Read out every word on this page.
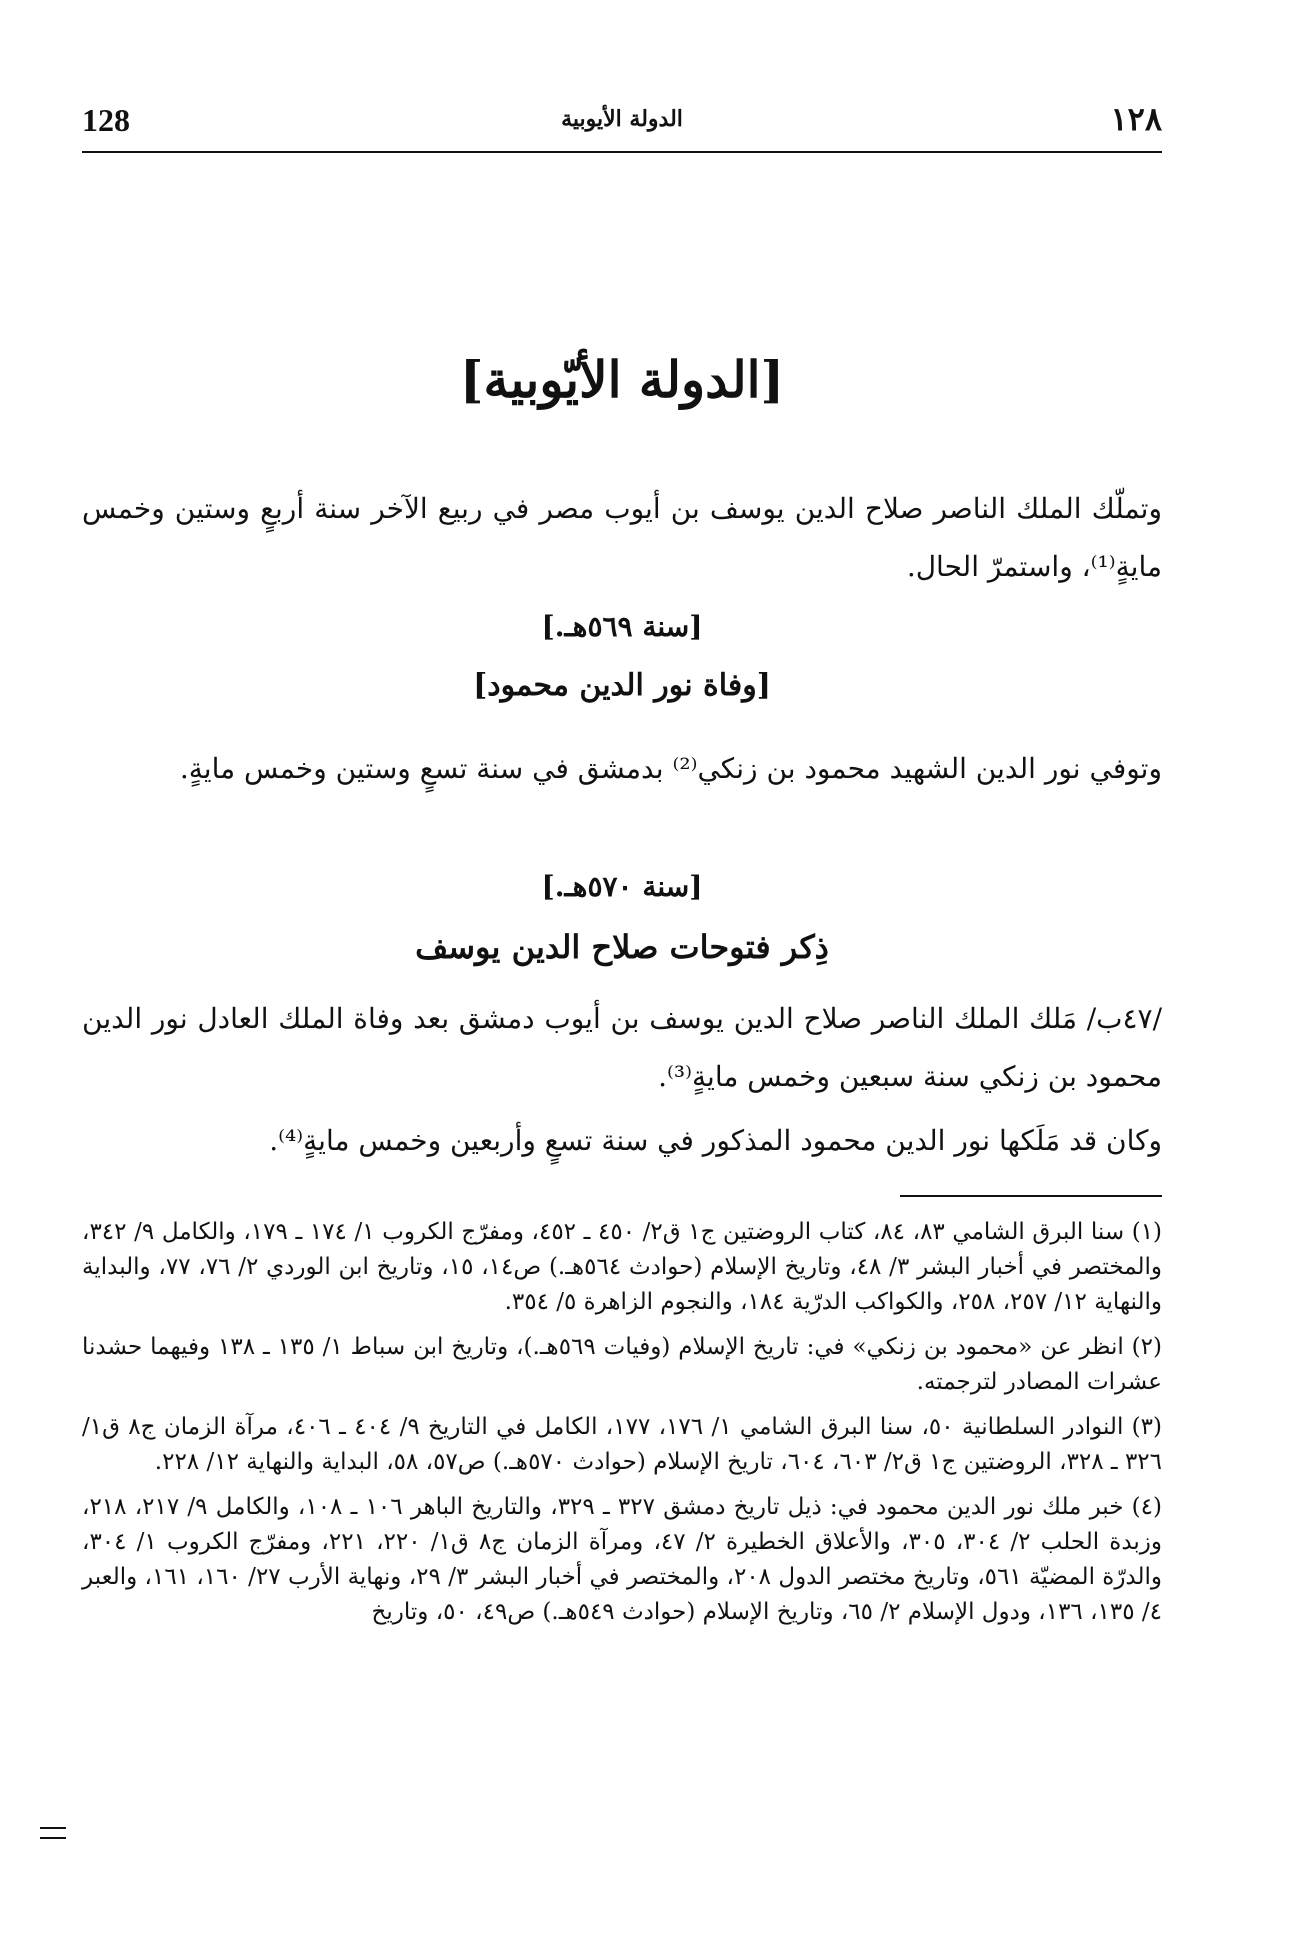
128	الدولة الأيوبية	١٢٨
[الدولة الأيّوبية]

وتملّك الملك الناصر صلاح الدين يوسف بن أيوب مصر في ربيع الآخر سنة أربعٍ وستين وخمس مايةٍ⁽¹⁾، واستمرّ الحال.

[سنة ٥٦٩هـ.]
[وفاة نور الدين محمود]

وتوفي نور الدين الشهيد محمود بن زنكي⁽²⁾ بدمشق في سنة تسعٍ وستين وخمس مايةٍ.

[سنة ٥٧٠هـ.]
ذِكر فتوحات صلاح الدين يوسف

/٤٧ب/ مَلك الملك الناصر صلاح الدين يوسف بن أيوب دمشق بعد وفاة الملك العادل نور الدين محمود بن زنكي سنة سبعين وخمس مايةٍ⁽³⁾.

وكان قد مَلَكها نور الدين محمود المذكور في سنة تسعٍ وأربعين وخمس مايةٍ⁽⁴⁾.

(١) سنا البرق الشامي ٨٣، ٨٤، كتاب الروضتين ج١ ق٢/ ٤٥٠ ـ ٤٥٢، ومفرّج الكروب ١/ ١٧٤ ـ ١٧٩، والكامل ٩/ ٣٤٢، والمختصر في أخبار البشر ٣/ ٤٨، وتاريخ الإسلام (حوادث ٥٦٤هـ.) ص١٤، ١٥، وتاريخ ابن الوردي ٢/ ٧٦، ٧٧، والبداية والنهاية ١٢/ ٢٥٧، ٢٥٨، والكواكب الدرّية ١٨٤، والنجوم الزاهرة ٥/ ٣٥٤.
(٢) انظر عن «محمود بن زنكي» في: تاريخ الإسلام (وفيات ٥٦٩هـ.)، وتاريخ ابن سباط ١/ ١٣٥ ـ ١٣٨ وفيهما حشدنا عشرات المصادر لترجمته.
(٣) النوادر السلطانية ٥٠، سنا البرق الشامي ١/ ١٧٦، ١٧٧، الكامل في التاريخ ٩/ ٤٠٤ ـ ٤٠٦، مرآة الزمان ج٨ ق١/ ٣٢٦ ـ ٣٢٨، الروضتين ج١ ق٢/ ٦٠٣، ٦٠٤، تاريخ الإسلام (حوادث ٥٧٠هـ.) ص٥٧، ٥٨، البداية والنهاية ١٢/ ٢٢٨.
(٤) خبر ملك نور الدين محمود في: ذيل تاريخ دمشق ٣٢٧ ـ ٣٢٩، والتاريخ الباهر ١٠٦ ـ ١٠٨، والكامل ٩/ ٢١٧، ٢١٨، وزبدة الحلب ٢/ ٣٠٤، ٣٠٥، والأعلاق الخطيرة ٢/ ٤٧، ومرآة الزمان ج٨ ق١/ ٢٢٠، ٢٢١، ومفرّج الكروب ١/ ٣٠٤، والدرّة المضيّة ٥٦١، وتاريخ مختصر الدول ٢٠٨، والمختصر في أخبار البشر ٣/ ٢٩، ونهاية الأرب ٢٧/ ١٦٠، ١٦١، والعبر ٤/ ١٣٥، ١٣٦، ودول الإسلام ٢/ ٦٥، وتاريخ الإسلام (حوادث ٥٤٩هـ.) ص٤٩، ٥٠، وتاريخ
